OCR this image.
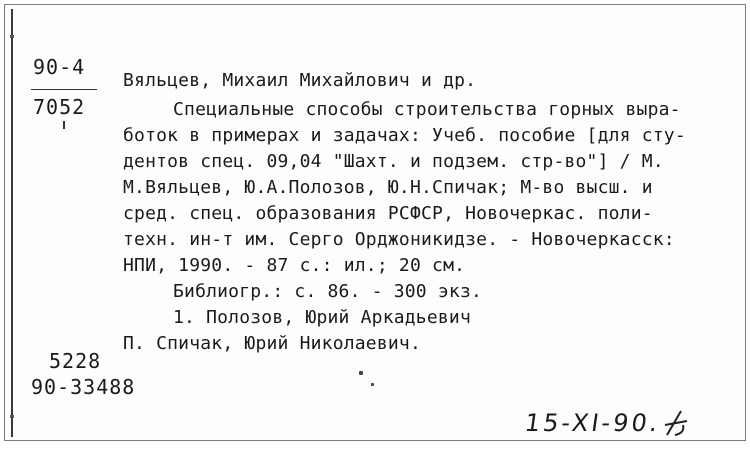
90-4
7052
Вяльцев, Михаил Михайлович и др.
Специальные способы строительства горных выра-
боток в примерах и задачах: Учеб. пособие [для сту-
дентов спец. 09,04 "Шахт. и подзем. стр-во"] / М.
М.Вяльцев, Ю.А.Полозов, Ю.Н.Спичак; М-во высш. и
сред. спец. образования РСФСР, Новочеркас. поли-
техн. ин-т им. Серго Орджоникидзе. - Новочеркасск:
НПИ, 1990. - 87 с.: ил.; 20 см.
Библиогр.: с. 86. - 300 экз.
1. Полозов, Юрий Аркадьевич
П. Спичак, Юрий Николаевич.
5228
90-33488
15-XI-90.
